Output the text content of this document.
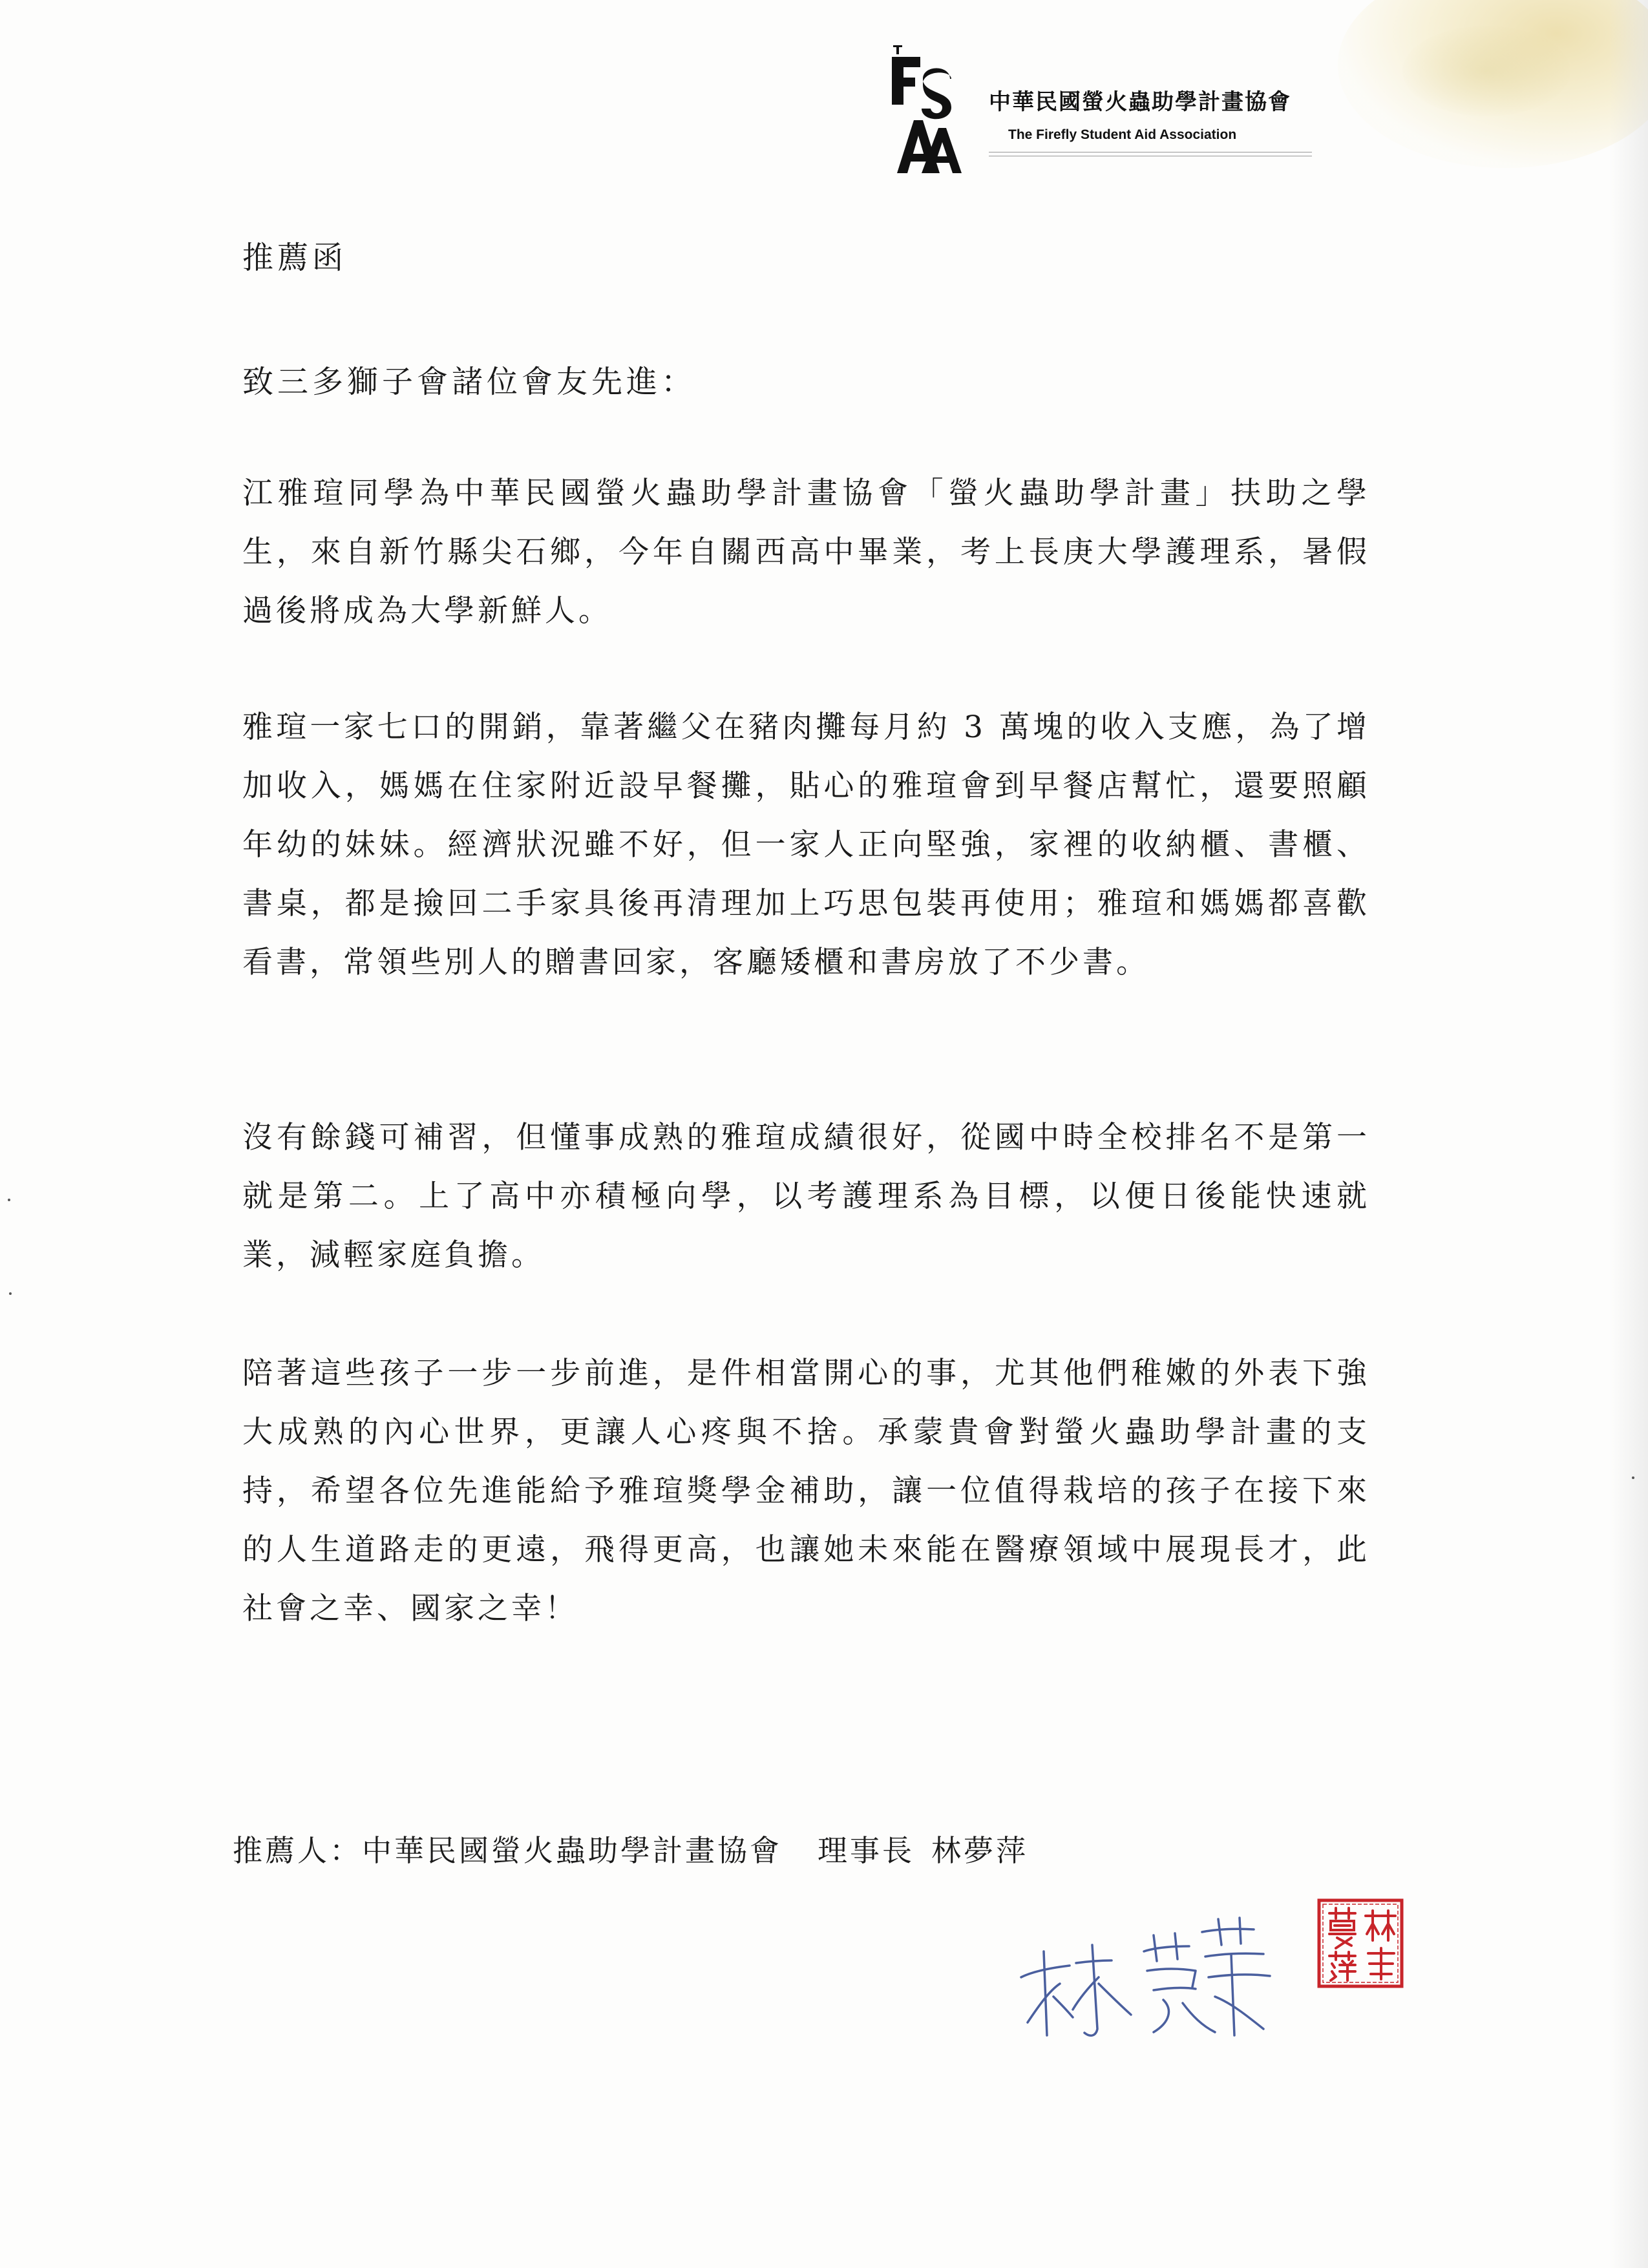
中華民國螢火蟲助學計畫協會
The Firefly Student Aid Association
推薦函
致三多獅子會諸位會友先進：

江雅瑄同學為中華民國螢火蟲助學計畫協會「螢火蟲助學計畫」扶助之學生，來自新竹縣尖石鄉，今年自關西高中畢業，考上長庚大學護理系，暑假過後將成為大學新鮮人。

雅瑄一家七口的開銷，靠著繼父在豬肉攤每月約 3 萬塊的收入支應，為了增加收入，媽媽在住家附近設早餐攤，貼心的雅瑄會到早餐店幫忙，還要照顧年幼的妹妹。經濟狀況雖不好，但一家人正向堅強，家裡的收納櫃、書櫃、書桌，都是撿回二手家具後再清理加上巧思包裝再使用；雅瑄和媽媽都喜歡看書，常領些別人的贈書回家，客廳矮櫃和書房放了不少書。

沒有餘錢可補習，但懂事成熟的雅瑄成績很好，從國中時全校排名不是第一就是第二。上了高中亦積極向學，以考護理系為目標，以便日後能快速就業，減輕家庭負擔。

陪著這些孩子一步一步前進，是件相當開心的事，尤其他們稚嫩的外表下強大成熟的內心世界，更讓人心疼與不捨。承蒙貴會對螢火蟲助學計畫的支持，希望各位先進能給予雅瑄獎學金補助，讓一位值得栽培的孩子在接下來的人生道路走的更遠，飛得更高，也讓她未來能在醫療領域中展現長才，此社會之幸、國家之幸！

推薦人：中華民國螢火蟲助學計畫協會 理事長 林夢萍
